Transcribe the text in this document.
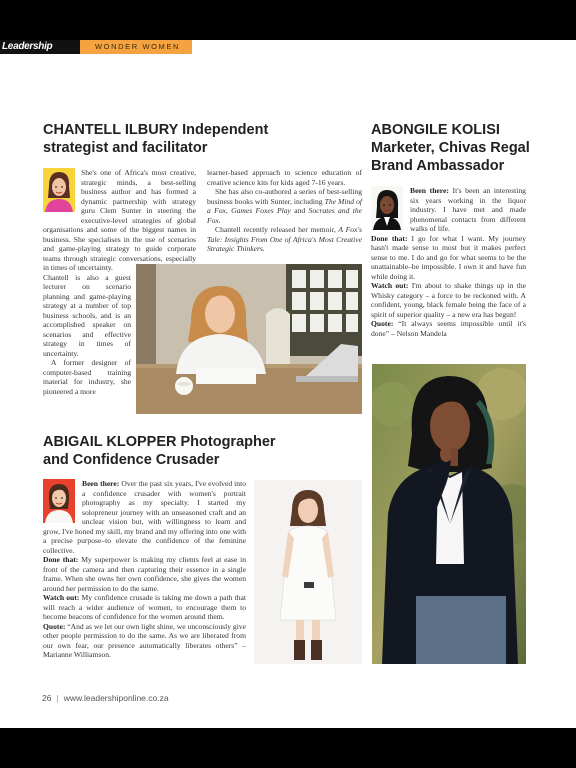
Leadership	WONDER WOMEN
CHANTELL ILBURY Independent
strategist and facilitator

She's one of Africa's most creative, strategic minds, a best-selling business author and has formed a dynamic partnership with strategy guru Clem Sunter in steering the executive-level strategies of global organisations and some of the biggest names in business. She specialises in the use of scenarios and game-playing strategy to guide corporate teams through strategic conversations, especially in times of uncertainty.

Chantell is also a guest lecturer on scenario planning and game-playing strategy at a number of top business schools, and is an accomplished speaker on scenarios and effective strategy in times of uncertainty.

A former designer of computer-based training material for industry, she pioneered a more

learner-based approach to science education of creative science kits for kids aged 7-16 years.

She has also co-authored a series of best-selling business books with Sunter, including The Mind of a Fox, Games Foxes Play and Socrates and the Fox.

Chantell recently released her memoir, A Fox's Tale: Insights From One of Africa's Most Creative Strategic Thinkers.

ABIGAIL KLOPPER Photographer
and Confidence Crusader

Been there: Over the past six years, I've evolved into a confidence crusader with women's portrait photography as my specialty. I started my solopreneur journey with an unseasoned craft and an unclear vision but, with willingness to learn and grow, I've honed my skill, my brand and my offering into one with a precise purpose–to elevate the confidence of the feminine collective.

Done that: My superpower is making my clients feel at ease in front of the camera and then capturing their essence in a single frame. When she owns her own confidence, she gives the women around her permission to do the same.

Watch out: My confidence crusade is taking me down a path that will reach a wider audience of women, to encourage them to become beacons of confidence for the women around them.

Quote: “And as we let our own light shine, we unconsciously give other people permission to do the same. As we are liberated from our own fear, our presence automatically liberates others” – Marianne Williamson.

ABONGILE KOLISI
Marketer, Chivas Regal
Brand Ambassador

Been there: It's been an interesting six years working in the liquor industry. I have met and made phenomenal contacts from different walks of life.

Done that: I go for what I want. My journey hasn't made sense to most but it makes perfect sense to me. I do and go for what seems to be the unattainable–be impossible. I own it and have fun while doing it.

Watch out: I'm about to shake things up in the Whisky category – a force to be reckoned with. A confident, young, black female being the face of a spirit of superior quality – a new era has begun!

Quote: “It always seems impossible until it's done” – Nelson Mandela

26 | www.leadershiponline.co.za
